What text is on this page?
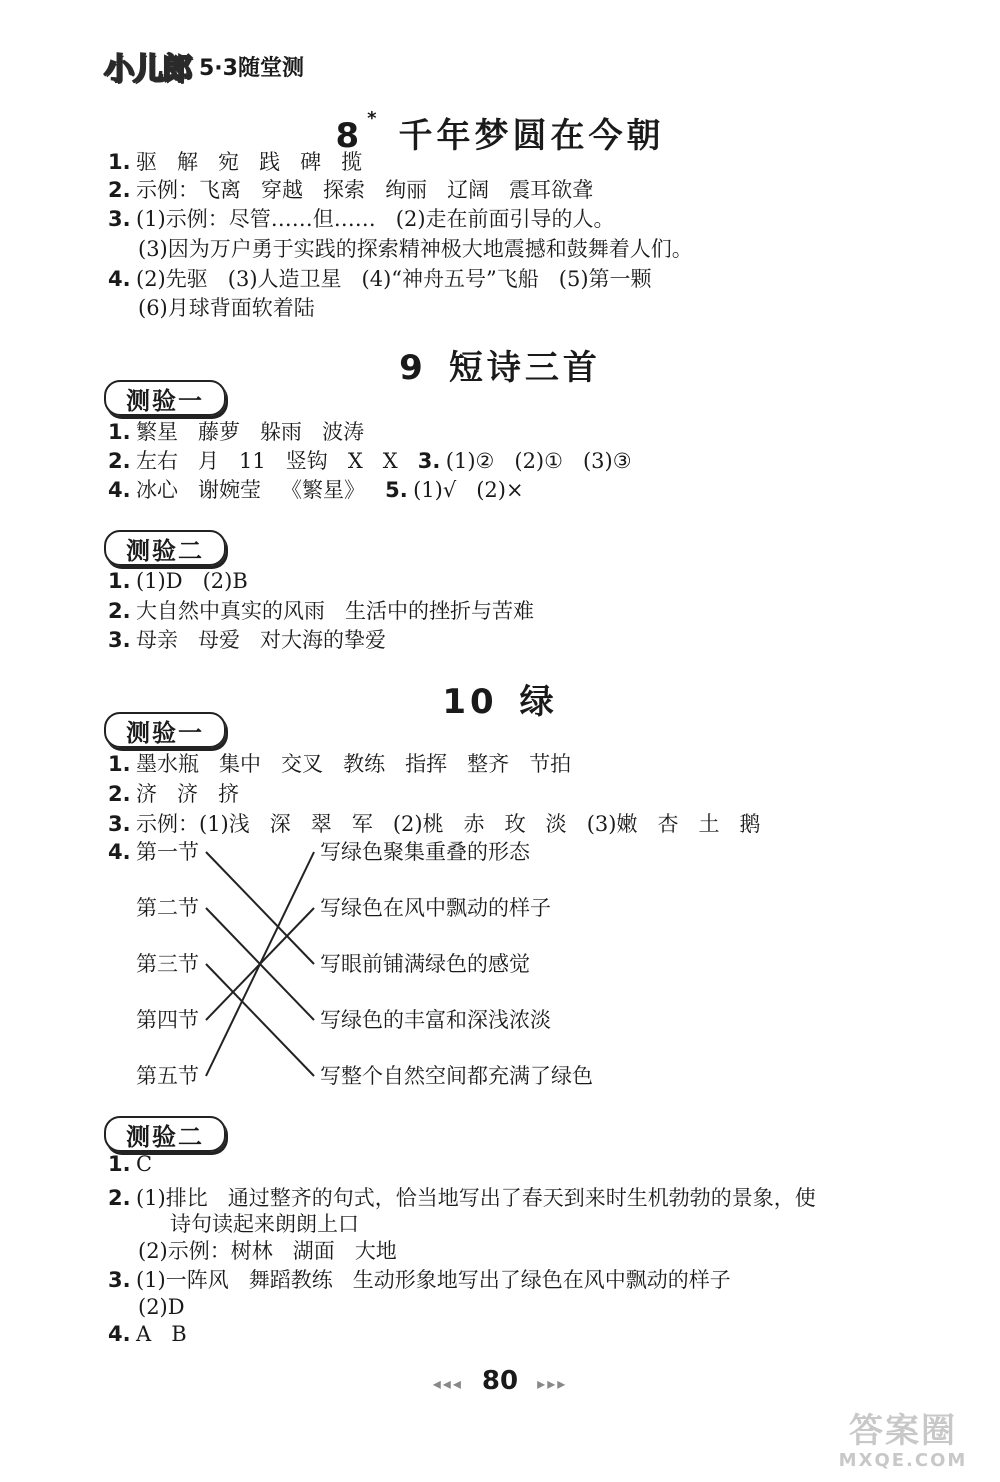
小儿郎 5·3随堂测
8 * 千年梦圆在今朝
1. 驱   解   宛   践   碑   揽
2. 示例：飞离   穿越   探索   绚丽   辽阔   震耳欲聋
3. (1)示例：尽管……但……   (2)走在前面引导的人。
(3)因为万户勇于实践的探索精神极大地震撼和鼓舞着人们。
4. (2)先驱   (3)人造卫星   (4)“神舟五号”飞船   (5)第一颗
(6)月球背面软着陆
9 短诗三首
测验一
1. 繁星   藤萝   躲雨   波涛
2. 左右   月   11   竖钩   X   X   3. (1)②   (2)①   (3)③
4. 冰心   谢婉莹   《繁星》   5. (1)√   (2)×
测验二
1. (1)D   (2)B
2. 大自然中真实的风雨   生活中的挫折与苦难
3. 母亲   母爱   对大海的挚爱
10 绿
测验一
1. 墨水瓶   集中   交叉   教练   指挥   整齐   节拍
2. 济   济   挤
3. 示例：(1)浅   深   翠   军   (2)桃   赤   玫   淡   (3)嫩   杏   土   鹅
4. 第一节
第二节
第三节
第四节
第五节
写绿色聚集重叠的形态
写绿色在风中飘动的样子
写眼前铺满绿色的感觉
写绿色的丰富和深浅浓淡
写整个自然空间都充满了绿色
测验二
1. C
2. (1)排比   通过整齐的句式，恰当地写出了春天到来时生机勃勃的景象，使
诗句读起来朗朗上口
(2)示例：树林   湖面   大地
3. (1)一阵风   舞蹈教练   生动形象地写出了绿色在风中飘动的样子
(2)D
4. A   B
◂◂◂ 80 ▸▸▸
答案圈
MXQE.COM
